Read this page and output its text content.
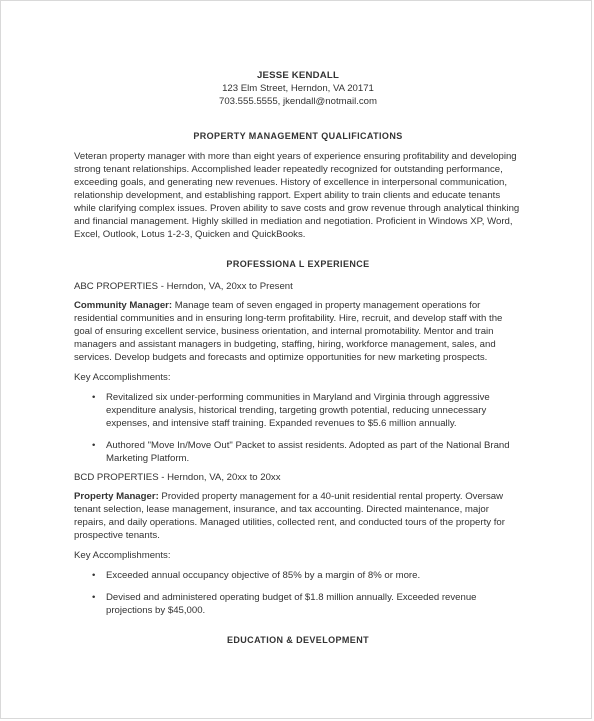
JESSE KENDALL

123 Elm Street, Herndon, VA 20171

703.555.5555, jkendall@notmail.com

PROPERTY MANAGEMENT QUALIFICATIONS

Veteran property manager with more than eight years of experience ensuring profitability and developing strong tenant relationships. Accomplished leader repeatedly recognized for outstanding performance, exceeding goals, and generating new revenues. History of excellence in interpersonal communication, relationship development, and establishing rapport. Expert ability to train clients and educate tenants while clarifying complex issues. Proven ability to save costs and grow revenue through analytical thinking and financial management. Highly skilled in mediation and negotiation. Proficient in Windows XP, Word, Excel, Outlook, Lotus 1-2-3, Quicken and QuickBooks.

PROFESSIONA L EXPERIENCE

ABC PROPERTIES - Herndon, VA, 20xx to Present

Community Manager: Manage team of seven engaged in property management operations for residential communities and in ensuring long-term profitability. Hire, recruit, and develop staff with the goal of ensuring excellent service, business orientation, and internal promotability. Mentor and train managers and assistant managers in budgeting, staffing, hiring, workforce management, sales, and services. Develop budgets and forecasts and optimize opportunities for new marketing prospects.

Key Accomplishments:

• Revitalized six under-performing communities in Maryland and Virginia through aggressive expenditure analysis, historical trending, targeting growth potential, reducing unnecessary expenses, and intensive staff training. Expanded revenues to $5.6 million annually.
• Authored "Move In/Move Out" Packet to assist residents. Adopted as part of the National Brand Marketing Platform.

BCD PROPERTIES - Herndon, VA, 20xx to 20xx

Property Manager: Provided property management for a 40-unit residential rental property. Oversaw tenant selection, lease management, insurance, and tax accounting. Directed maintenance, major repairs, and daily operations. Managed utilities, collected rent, and conducted tours of the property for prospective tenants.

Key Accomplishments:

• Exceeded annual occupancy objective of 85% by a margin of 8% or more.
• Devised and administered operating budget of $1.8 million annually. Exceeded revenue projections by $45,000.

EDUCATION & DEVELOPMENT
